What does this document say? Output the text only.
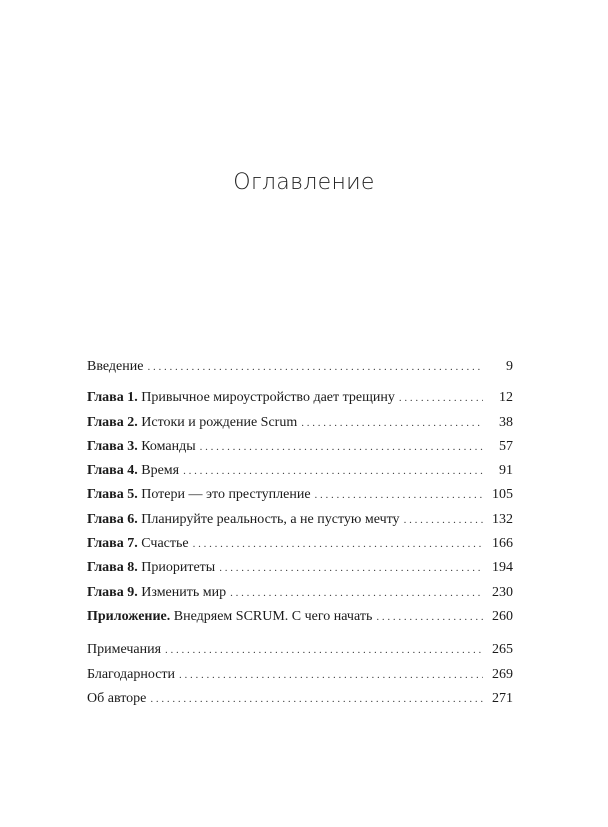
Оглавление
Введение . . .	9
Глава 1. Привычное мироустройство дает трещину . . .	12
Глава 2. Истоки и рождение Scrum . . .	38
Глава 3. Команды . . .	57
Глава 4. Время . . .	91
Глава 5. Потери — это преступление . . .	105
Глава 6. Планируйте реальность, а не пустую мечту . . .	132
Глава 7. Счастье . . .	166
Глава 8. Приоритеты . . .	194
Глава 9. Изменить мир . . .	230
Приложение. Внедряем SCRUM. С чего начать . . .	260
Примечания . . .	265
Благодарности . . .	269
Об авторе . . .	271
